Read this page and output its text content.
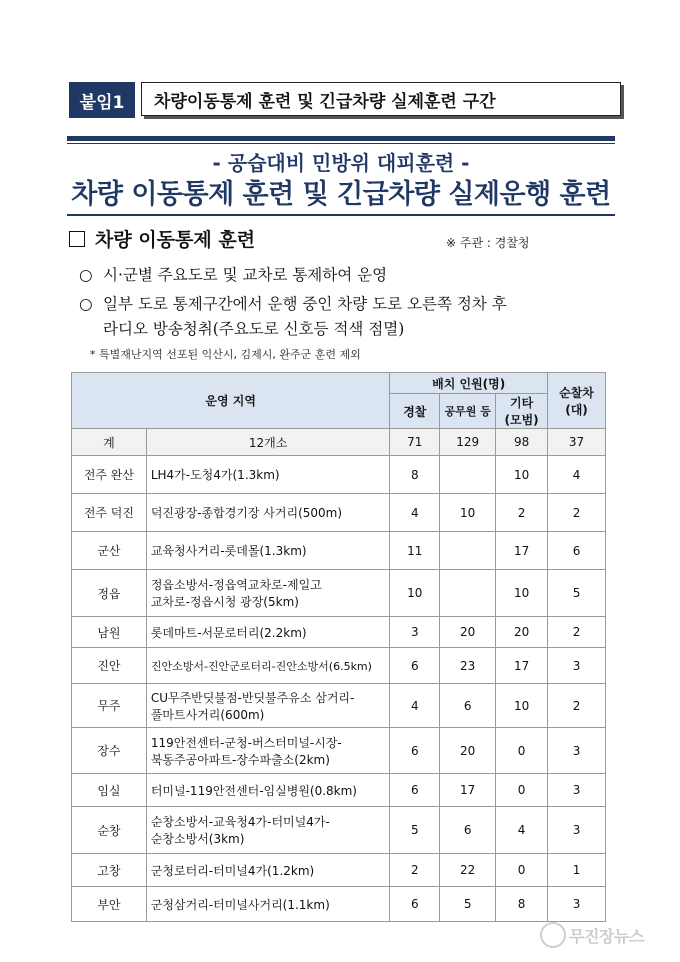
붙임1	차량이동통제 훈련 및 긴급차량 실제훈련 구간
- 공습대비 민방위 대피훈련 -
차량 이동통제 훈련 및 긴급차량 실제운행 훈련
차량 이동통제 훈련	※ 주관 : 경찰청
○ 시·군별 주요도로 및 교차로 통제하여 운영
○ 일부 도로 통제구간에서 운행 중인 차량 도로 오른쪽 정차 후
라디오 방송청취(주요도로 신호등 적색 점멸)
* 특별재난지역 선포된 익산시, 김제시, 완주군 훈련 제외
운영 지역		배치 인원(명)			순찰차(대)
		경찰	공무원 등	기타
(모범)	
계	12개소	71	129	98	37
전주 완산	LH4가-도청4가(1.3km)	8		10	4
전주 덕진	덕진광장-종합경기장 사거리(500m)	4	10	2	2
군산	교육청사거리-롯데몰(1.3km)	11		17	6
정읍	정읍소방서-정읍역교차로-제일고
교차로-정읍시청 광장(5km)	10		10	5
남원	롯데마트-서문로터리(2.2km)	3	20	20	2
진안	진안소방서-진안군로터리-진안소방서(6.5km)	6	23	17	3
무주	CU무주반딧불점-반딧불주유소 삼거리-
풀마트사거리(600m)	4	6	10	2
장수	119안전센터-군청-버스터미널-시장-
북동주공아파트-장수파출소(2km)	6	20	0	3
임실	터미널-119안전센터-임실병원(0.8km)	6	17	0	3
순창	순창소방서-교육청4가-터미널4가-
순창소방서(3km)	5	6	4	3
고창	군청로터리-터미널4가(1.2km)	2	22	0	1
부안	군청삼거리-터미널사거리(1.1km)	6	5	8	3
무진장뉴스
